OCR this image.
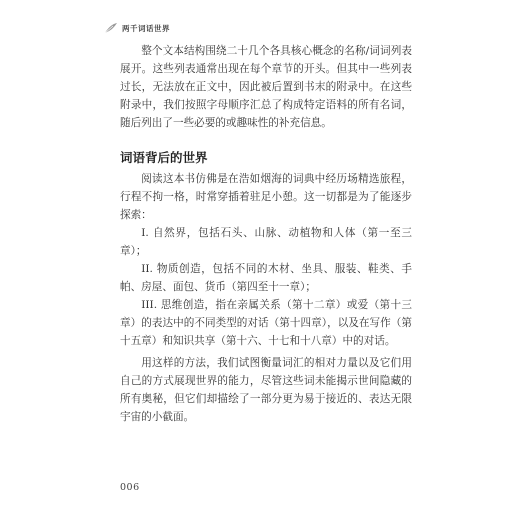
两千词话世界

整个文本结构围绕二十几个各具核心概念的名称/词词列表展开。这些列表通常出现在每个章节的开头。但其中一些列表过长，无法放在正文中，因此被后置到书末的附录中。在这些附录中，我们按照字母顺序汇总了构成特定语料的所有名词，随后列出了一些必要的或趣味性的补充信息。

词语背后的世界

阅读这本书仿佛是在浩如烟海的词典中经历场精选旅程，行程不拘一格，时常穿插着驻足小憩。这一切都是为了能逐步探索：

I. 自然界，包括石头、山脉、动植物和人体（第一至三章）；

II. 物质创造，包括不同的木材、坐具、服装、鞋类、手帕、房屋、面包、货币（第四至十一章）；

III. 思维创造，指在亲属关系（第十二章）或爱（第十三章）的表达中的不同类型的对话（第十四章），以及在写作（第十五章）和知识共享（第十六、十七和十八章）中的对话。

用这样的方法，我们试图衡量词汇的相对力量以及它们用自己的方式展现世界的能力，尽管这些词未能揭示世间隐藏的所有奥秘，但它们却描绘了一部分更为易于接近的、表达无限宇宙的小截面。

006
